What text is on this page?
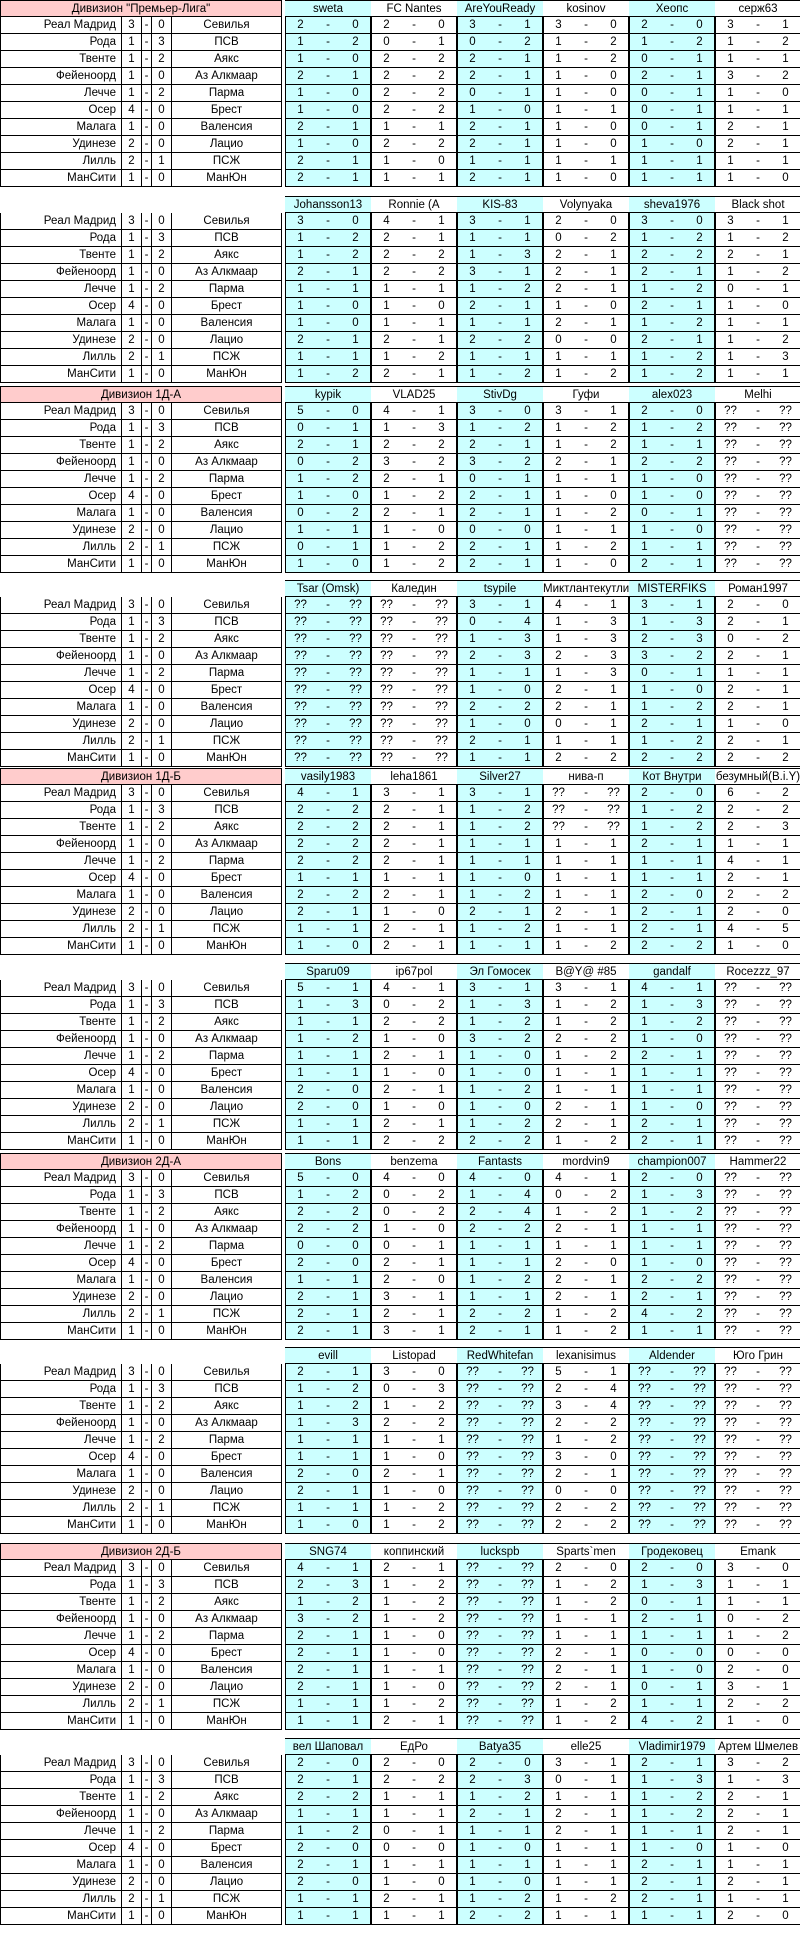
Дивизион "Премьер-Лига"	sweta	FC Nantes	AreYouReady	kosinov	Хеопс	серж63
Реал Мадрид	3 - 0	Севилья	2	-	0	2	-	0	3	-	1	3	-	0	2	-	0	3	-	1
Рода	1 - 3	ПСВ	1	-	2	0	-	1	0	-	2	1	-	2	1	-	2	1	-	2
Твенте	1 - 2	Аякс	1	-	0	2	-	2	2	-	1	1	-	2	0	-	1	1	-	1
Фейеноорд	1 - 0	Аз Алкмаар	2	-	1	2	-	2	2	-	1	1	-	0	2	-	1	3	-	2
Лечче	1 - 2	Парма	1	-	0	2	-	2	0	-	1	1	-	0	0	-	1	1	-	0
Осер	4 - 0	Брест	1	-	0	2	-	2	1	-	0	1	-	1	0	-	1	1	-	1
Малага	1 - 0	Валенсия	2	-	1	1	-	1	2	-	1	1	-	0	0	-	1	2	-	1
Удинезе	2 - 0	Лацио	1	-	0	2	-	2	2	-	1	1	-	0	1	-	0	2	-	1
Лилль	2 - 1	ПСЖ	2	-	1	1	-	0	1	-	1	1	-	1	1	-	1	1	-	1
МанСити	1 - 0	МанЮн	2	-	1	1	-	1	2	-	1	1	-	0	1	-	1	1	-	0
Johansson13	Ronnie (A	KIS-83	Volynyaka	sheva1976	Black shot
Реал Мадрид	3 - 0	Севилья	3	-	0	4	-	1	3	-	1	2	-	0	3	-	0	3	-	1
Рода	1 - 3	ПСВ	1	-	2	2	-	1	1	-	1	0	-	2	1	-	2	1	-	2
Твенте	1 - 2	Аякс	1	-	2	2	-	2	1	-	3	2	-	1	2	-	2	2	-	1
Фейеноорд	1 - 0	Аз Алкмаар	2	-	1	2	-	2	3	-	1	2	-	1	2	-	1	1	-	2
Лечче	1 - 2	Парма	1	-	1	1	-	1	1	-	2	2	-	1	1	-	2	0	-	1
Осер	4 - 0	Брест	1	-	0	1	-	0	2	-	1	1	-	0	2	-	1	1	-	0
Малага	1 - 0	Валенсия	1	-	0	1	-	1	1	-	1	2	-	1	1	-	2	1	-	1
Удинезе	2 - 0	Лацио	2	-	1	2	-	1	2	-	2	0	-	0	2	-	1	1	-	2
Лилль	2 - 1	ПСЖ	1	-	1	1	-	2	1	-	1	1	-	1	1	-	2	1	-	3
МанСити	1 - 0	МанЮн	1	-	2	2	-	1	1	-	2	1	-	2	1	-	2	1	-	1
Дивизион 1Д-А	kypik	VLAD25	StivDg	Гуфи	alex023	Melhi
Реал Мадрид	3 - 0	Севилья	5	-	0	4	-	1	3	-	0	3	-	1	2	-	0	??	-	??
Рода	1 - 3	ПСВ	0	-	1	1	-	3	1	-	2	1	-	2	1	-	2	??	-	??
Твенте	1 - 2	Аякс	2	-	1	2	-	2	2	-	1	1	-	2	1	-	1	??	-	??
Фейеноорд	1 - 0	Аз Алкмаар	0	-	2	3	-	2	3	-	2	2	-	1	2	-	2	??	-	??
Лечче	1 - 2	Парма	1	-	2	2	-	1	0	-	1	1	-	1	1	-	0	??	-	??
Осер	4 - 0	Брест	1	-	0	1	-	2	2	-	1	1	-	0	1	-	0	??	-	??
Малага	1 - 0	Валенсия	0	-	2	2	-	1	2	-	1	1	-	2	0	-	1	??	-	??
Удинезе	2 - 0	Лацио	1	-	1	1	-	0	0	-	0	1	-	1	1	-	0	??	-	??
Лилль	2 - 1	ПСЖ	0	-	1	1	-	2	2	-	1	1	-	2	1	-	1	??	-	??
МанСити	1 - 0	МанЮн	1	-	0	1	-	2	2	-	1	1	-	0	2	-	1	??	-	??
Tsar (Omsk)	Каледин	tsypile	Миктлантекутли MISTERFIKS	Роман1997
Реал Мадрид	3 - 0	Севилья	??	-	??	??	-	??	3	-	1	4	-	1	3	-	1	2	-	0
Рода	1 - 3	ПСВ	??	-	??	??	-	??	0	-	4	1	-	3	1	-	3	2	-	1
Твенте	1 - 2	Аякс	??	-	??	??	-	??	1	-	3	1	-	3	2	-	3	0	-	2
Фейеноорд	1 - 0	Аз Алкмаар	??	-	??	??	-	??	2	-	3	2	-	3	3	-	2	2	-	1
Лечче	1 - 2	Парма	??	-	??	??	-	??	1	-	1	1	-	3	0	-	1	1	-	1
Осер	4 - 0	Брест	??	-	??	??	-	??	1	-	0	2	-	1	1	-	0	2	-	1
Малага	1 - 0	Валенсия	??	-	??	??	-	??	2	-	2	2	-	1	1	-	2	2	-	1
Удинезе	2 - 0	Лацио	??	-	??	??	-	??	1	-	0	0	-	1	2	-	1	1	-	0
Лилль	2 - 1	ПСЖ	??	-	??	??	-	??	2	-	1	1	-	1	1	-	2	2	-	1
МанСити	1 - 0	МанЮн	??	-	??	??	-	??	1	-	1	2	-	2	2	-	2	2	-	2
Дивизион 1Д-Б	vasily1983	leha1861	Silver27	нива-п	Кот Внутри	безумный(B.i.Y)
Реал Мадрид	3 - 0	Севилья	4	-	1	3	-	1	3	-	1	??	-	??	2	-	0	6	-	2
Рода	1 - 3	ПСВ	2	-	2	2	-	1	1	-	2	??	-	??	1	-	2	2	-	2
Твенте	1 - 2	Аякс	2	-	2	2	-	1	1	-	2	??	-	??	1	-	2	2	-	3
Фейеноорд	1 - 0	Аз Алкмаар	2	-	2	2	-	1	1	-	1	1	-	1	2	-	1	1	-	1
Лечче	1 - 2	Парма	2	-	2	2	-	1	1	-	1	1	-	1	1	-	1	4	-	1
Осер	4 - 0	Брест	1	-	1	1	-	1	1	-	0	1	-	1	1	-	1	2	-	1
Малага	1 - 0	Валенсия	2	-	2	2	-	1	1	-	2	1	-	1	2	-	0	2	-	2
Удинезе	2 - 0	Лацио	2	-	1	1	-	0	2	-	1	2	-	1	2	-	1	2	-	0
Лилль	2 - 1	ПСЖ	1	-	1	2	-	1	1	-	2	1	-	1	2	-	1	4	-	5
МанСити	1 - 0	МанЮн	1	-	0	2	-	1	1	-	1	1	-	2	2	-	2	1	-	0
Sparu09	ip67pol	Эл Гомосек	B@Y@ #85	gandalf	Rocezzz_97
Реал Мадрид	3 - 0	Севилья	5	-	1	4	-	1	3	-	1	3	-	1	4	-	1	??	-	??
Рода	1 - 3	ПСВ	1	-	3	0	-	2	1	-	3	1	-	2	1	-	3	??	-	??
Твенте	1 - 2	Аякс	1	-	1	2	-	2	1	-	2	1	-	2	1	-	2	??	-	??
Фейеноорд	1 - 0	Аз Алкмаар	1	-	2	1	-	0	3	-	2	2	-	2	1	-	0	??	-	??
Лечче	1 - 2	Парма	1	-	1	2	-	1	1	-	0	1	-	2	2	-	1	??	-	??
Осер	4 - 0	Брест	1	-	1	1	-	0	1	-	0	1	-	1	1	-	1	??	-	??
Малага	1 - 0	Валенсия	2	-	0	2	-	1	1	-	2	1	-	1	1	-	1	??	-	??
Удинезе	2 - 0	Лацио	2	-	0	1	-	0	1	-	0	2	-	1	1	-	0	??	-	??
Лилль	2 - 1	ПСЖ	1	-	1	2	-	1	1	-	2	2	-	1	2	-	1	??	-	??
МанСити	1 - 0	МанЮн	1	-	1	2	-	2	2	-	2	1	-	2	2	-	1	??	-	??
Дивизион 2Д-А	Bons	benzema	Fantasts	mordvin9	champion007	Hammer22
Реал Мадрид	3 - 0	Севилья	5	-	0	4	-	0	4	-	0	4	-	1	2	-	0	??	-	??
Рода	1 - 3	ПСВ	1	-	2	0	-	2	1	-	4	0	-	2	1	-	3	??	-	??
Твенте	1 - 2	Аякс	2	-	2	0	-	2	2	-	4	1	-	2	1	-	2	??	-	??
Фейеноорд	1 - 0	Аз Алкмаар	2	-	2	1	-	0	2	-	2	2	-	1	1	-	1	??	-	??
Лечче	1 - 2	Парма	0	-	0	0	-	1	1	-	1	1	-	1	1	-	1	??	-	??
Осер	4 - 0	Брест	2	-	0	2	-	1	1	-	1	2	-	0	1	-	0	??	-	??
Малага	1 - 0	Валенсия	1	-	1	2	-	0	1	-	2	2	-	1	2	-	2	??	-	??
Удинезе	2 - 0	Лацио	2	-	1	3	-	1	1	-	1	2	-	1	2	-	1	??	-	??
Лилль	2 - 1	ПСЖ	2	-	1	2	-	1	2	-	2	1	-	2	4	-	2	??	-	??
МанСити	1 - 0	МанЮн	2	-	1	3	-	1	2	-	1	1	-	2	1	-	1	??	-	??
evill	Listopad	RedWhitefan	lexanisimus	Aldender	Юго Грин
Реал Мадрид	3 - 0	Севилья	2	-	1	3	-	0	??	-	??	5	-	1	??	-	??	??	-	??
Рода	1 - 3	ПСВ	1	-	2	0	-	3	??	-	??	2	-	4	??	-	??	??	-	??
Твенте	1 - 2	Аякс	1	-	2	1	-	2	??	-	??	3	-	4	??	-	??	??	-	??
Фейеноорд	1 - 0	Аз Алкмаар	1	-	3	2	-	2	??	-	??	2	-	2	??	-	??	??	-	??
Лечче	1 - 2	Парма	1	-	1	1	-	1	??	-	??	1	-	2	??	-	??	??	-	??
Осер	4 - 0	Брест	1	-	1	1	-	0	??	-	??	3	-	0	??	-	??	??	-	??
Малага	1 - 0	Валенсия	2	-	0	2	-	1	??	-	??	2	-	1	??	-	??	??	-	??
Удинезе	2 - 0	Лацио	2	-	1	1	-	0	??	-	??	0	-	0	??	-	??	??	-	??
Лилль	2 - 1	ПСЖ	1	-	1	1	-	2	??	-	??	2	-	2	??	-	??	??	-	??
МанСити	1 - 0	МанЮн	1	-	0	1	-	2	??	-	??	2	-	2	??	-	??	??	-	??
Дивизион 2Д-Б	SNG74	коппинский	luckspb	Sparts`men	Гродековец	Emank
Реал Мадрид	3 - 0	Севилья	4	-	1	2	-	1	??	-	??	2	-	0	2	-	0	3	-	0
Рода	1 - 3	ПСВ	2	-	3	1	-	2	??	-	??	1	-	2	1	-	3	1	-	1
Твенте	1 - 2	Аякс	1	-	2	1	-	2	??	-	??	1	-	2	0	-	1	1	-	1
Фейеноорд	1 - 0	Аз Алкмаар	3	-	2	1	-	2	??	-	??	1	-	1	2	-	1	0	-	2
Лечче	1 - 2	Парма	2	-	1	1	-	0	??	-	??	1	-	1	1	-	1	1	-	2
Осер	4 - 0	Брест	2	-	1	1	-	0	??	-	??	2	-	1	0	-	0	0	-	0
Малага	1 - 0	Валенсия	2	-	1	1	-	1	??	-	??	2	-	1	1	-	0	2	-	0
Удинезе	2 - 0	Лацио	2	-	1	1	-	0	??	-	??	2	-	1	0	-	1	3	-	1
Лилль	2 - 1	ПСЖ	1	-	1	1	-	2	??	-	??	1	-	2	1	-	1	2	-	2
МанСити	1 - 0	МанЮн	1	-	1	2	-	1	??	-	??	1	-	2	4	-	2	1	-	0
вел Шаповал	ЕдРо	Batya35	elle25	Vladimir1979	Артем Шмелев
Реал Мадрид	3 - 0	Севилья	2	-	0	2	-	0	2	-	0	3	-	1	2	-	1	3	-	2
Рода	1 - 3	ПСВ	2	-	1	2	-	2	2	-	3	0	-	1	1	-	3	1	-	3
Твенте	1 - 2	Аякс	2	-	2	1	-	1	1	-	2	1	-	1	1	-	2	2	-	1
Фейеноорд	1 - 0	Аз Алкмаар	1	-	1	1	-	1	2	-	1	2	-	1	1	-	2	2	-	1
Лечче	1 - 2	Парма	1	-	2	0	-	1	1	-	1	2	-	1	1	-	1	2	-	1
Осер	4 - 0	Брест	2	-	0	0	-	0	1	-	0	1	-	1	1	-	0	1	-	0
Малага	1 - 0	Валенсия	2	-	1	1	-	1	1	-	1	1	-	1	2	-	1	1	-	1
Удинезе	2 - 0	Лацио	2	-	0	1	-	0	1	-	0	1	-	1	2	-	1	2	-	1
Лилль	2 - 1	ПСЖ	1	-	1	2	-	1	1	-	2	1	-	2	2	-	1	1	-	1
МанСити	1 - 0	МанЮн	1	-	1	1	-	1	2	-	2	1	-	1	1	-	1	2	-	0
